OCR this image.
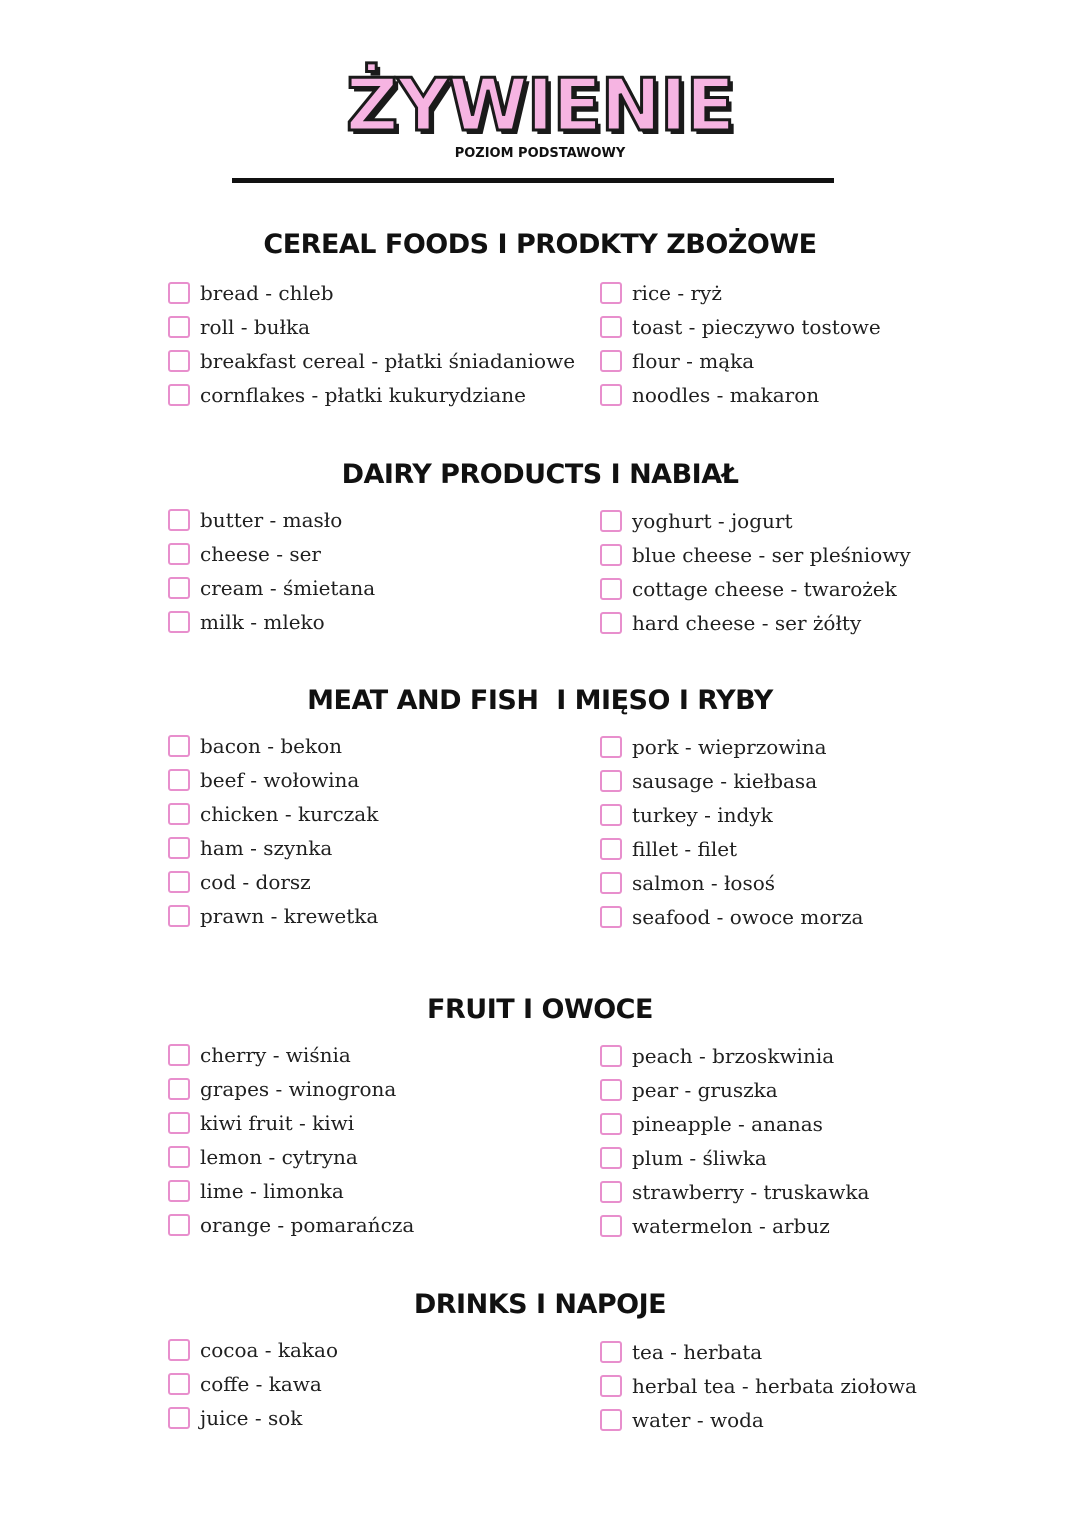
ŻYWIENIE
POZIOM PODSTAWOWY
CEREAL FOODS I PRODKTY ZBOŻOWE
bread - chleb
roll - bułka
breakfast cereal - płatki śniadaniowe
cornflakes - płatki kukurydziane
rice - ryż
toast - pieczywo tostowe
flour - mąka
noodles - makaron
DAIRY PRODUCTS I NABIAŁ
butter - masło
cheese - ser
cream - śmietana
milk - mleko
yoghurt - jogurt
blue cheese - ser pleśniowy
cottage cheese - twarożek
hard cheese - ser żółty
MEAT AND FISH  I MIĘSO I RYBY
bacon - bekon
beef - wołowina
chicken - kurczak
ham - szynka
cod - dorsz
prawn - krewetka
pork - wieprzowina
sausage - kiełbasa
turkey - indyk
fillet - filet
salmon - łosoś
seafood - owoce morza
FRUIT I OWOCE
cherry - wiśnia
grapes - winogrona
kiwi fruit - kiwi
lemon - cytryna
lime - limonka
orange - pomarańcza
peach - brzoskwinia
pear - gruszka
pineapple - ananas
plum - śliwka
strawberry - truskawka
watermelon - arbuz
DRINKS I NAPOJE
cocoa - kakao
coffe - kawa
juice - sok
tea - herbata
herbal tea - herbata ziołowa
water - woda
